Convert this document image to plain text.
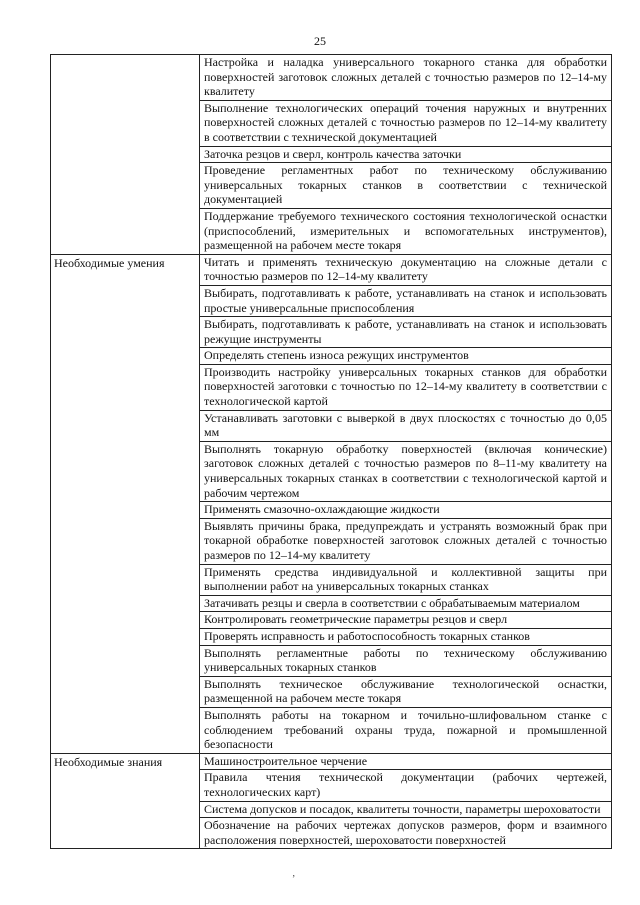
25
	Настройка и наладка универсального токарного станка для обработки поверхностей заготовок сложных деталей с точностью размеров по 12–14-му квалитету
	Выполнение технологических операций точения наружных и внутренних поверхностей сложных деталей с точностью размеров по 12–14-му квалитету в соответствии с технической документацией
	Заточка резцов и сверл, контроль качества заточки
	Проведение регламентных работ по техническому обслуживанию универсальных токарных станков в соответствии с технической документацией
	Поддержание требуемого технического состояния технологической оснастки (приспособлений, измерительных и вспомогательных инструментов), размещенной на рабочем месте токаря
Необходимые умения	Читать и применять техническую документацию на сложные детали с точностью размеров по 12–14-му квалитету
	Выбирать, подготавливать к работе, устанавливать на станок и использовать простые универсальные приспособления
	Выбирать, подготавливать к работе, устанавливать на станок и использовать режущие инструменты
	Определять степень износа режущих инструментов
	Производить настройку универсальных токарных станков для обработки поверхностей заготовки с точностью по 12–14-му квалитету в соответствии с технологической картой
	Устанавливать заготовки с выверкой в двух плоскостях с точностью до 0,05 мм
	Выполнять токарную обработку поверхностей (включая конические) заготовок сложных деталей с точностью размеров по 8–11-му квалитету на универсальных токарных станках в соответствии с технологической картой и рабочим чертежом
	Применять смазочно-охлаждающие жидкости
	Выявлять причины брака, предупреждать и устранять возможный брак при токарной обработке поверхностей заготовок сложных деталей с точностью размеров по 12–14-му квалитету
	Применять средства индивидуальной и коллективной защиты при выполнении работ на универсальных токарных станках
	Затачивать резцы и сверла в соответствии с обрабатываемым материалом
	Контролировать геометрические параметры резцов и сверл
	Проверять исправность и работоспособность токарных станков
	Выполнять регламентные работы по техническому обслуживанию универсальных токарных станков
	Выполнять техническое обслуживание технологической оснастки, размещенной на рабочем месте токаря
	Выполнять работы на токарном и точильно-шлифовальном станке с соблюдением требований охраны труда, пожарной и промышленной безопасности
Необходимые знания	Машиностроительное черчение
	Правила чтения технической документации (рабочих чертежей, технологических карт)
	Система допусков и посадок, квалитеты точности, параметры шероховатости
	Обозначение на рабочих чертежах допусков размеров, форм и взаимного расположения поверхностей, шероховатости поверхностей
‚
